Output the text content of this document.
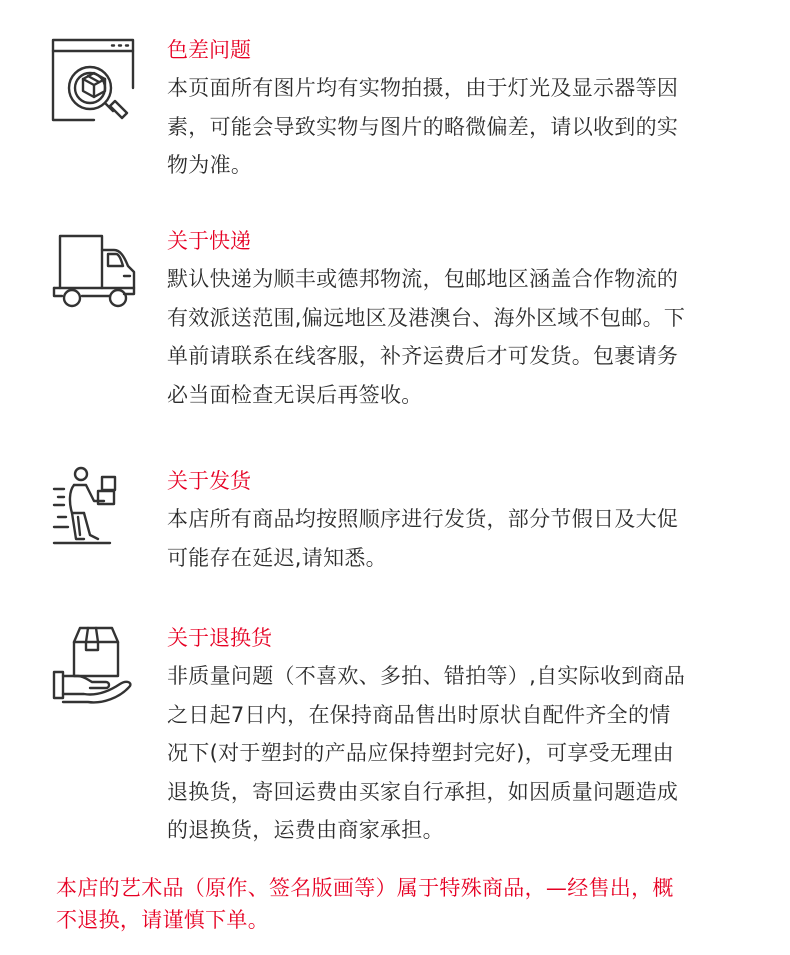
色差问题
本页面所有图片均有实物拍摄，由于灯光及显示器等因
素，可能会导致实物与图片的略微偏差，请以收到的实
物为准。
关于快递
默认快递为顺丰或德邦物流，包邮地区涵盖合作物流的
有效派送范围,偏远地区及港澳台、海外区域不包邮。下
单前请联系在线客服，补齐运费后才可发货。包裹请务
必当面检查无误后再签收。
关于发货
本店所有商品均按照顺序进行发货，部分节假日及大促
可能存在延迟,请知悉。
关于退换货
非质量问题（不喜欢、多拍、错拍等）,自实际收到商品
之日起7日内，在保持商品售出时原状自配件齐全的情
况下(对于塑封的产品应保持塑封完好)，可享受无理由
退换货，寄回运费由买家自行承担，如因质量问题造成
的退换货，运费由商家承担。

本店的艺术品（原作、签名版画等）属于特殊商品，—经售出，概
不退换，请谨慎下单。
